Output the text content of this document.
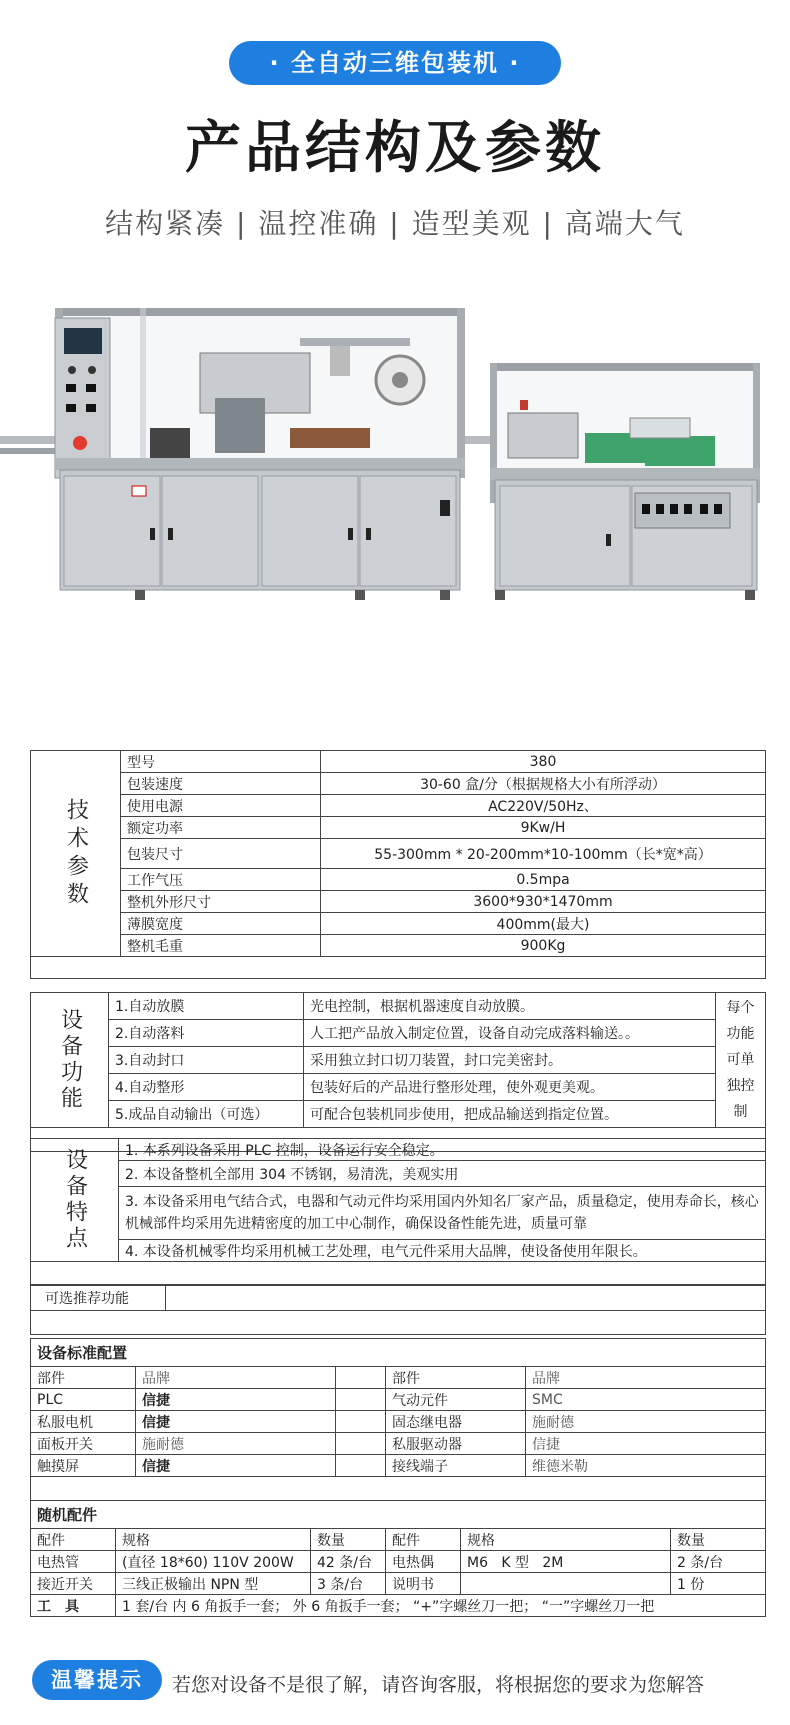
· 全自动三维包装机 ·
产品结构及参数
结构紧凑 | 温控准确 | 造型美观 | 高端大气
技术参数	型号	380
	包装速度	30-60 盒/分（根据规格大小有所浮动）
	使用电源	AC220V/50Hz、
	额定功率	9Kw/H
	包装尺寸	55-300mm * 20-200mm*10-100mm（长*宽*高）
	工作气压	0.5mpa
	整机外形尺寸	3600*930*1470mm
	薄膜宽度	400mm(最大)
	整机毛重	900Kg

设备功能	1.自动放膜	光电控制，根据机器速度自动放膜。	每个功能可单独控制
	2.自动落料	人工把产品放入制定位置，设备自动完成落料输送。。	
	3.自动封口	采用独立封口切刀装置，封口完美密封。	
	4.自动整形	包装好后的产品进行整形处理，使外观更美观。	
	5.成品自动输出（可选）	可配合包装机同步使用，把成品输送到指定位置。	

设备特点	1. 本系列设备采用 PLC 控制，设备运行安全稳定。
2. 本设备整机全部用 304 不锈钢，易清洗，美观实用
3. 本设备采用电气结合式，电器和气动元件均采用国内外知名厂家产品，质量稳定，使用寿命长，核心机械部件均采用先进精密度的加工中心制作，确保设备性能先进，质量可靠
4. 本设备机械零件均采用机械工艺处理，电气元件采用大品牌，使设备使用年限长。

可选推荐功能	

设备标准配置				
部件	品牌		部件	品牌
PLC	信捷		气动元件	SMC
私服电机	信捷		固态继电器	施耐德
面板开关	施耐德		私服驱动器	信捷
触摸屏	信捷		接线端子	维德米勒

随机配件					
配件	规格	数量	配件	规格	数量
电热管	(直径 18*60) 110V 200W	42 条/台	电热偶	M6   K 型   2M	2 条/台
接近开关	三线正极输出 NPN 型	3 条/台	说明书		1 份
工　具	1 套/台 内 6 角扳手一套； 外 6 角扳手一套； “+”字螺丝刀一把； “一”字螺丝刀一把				
温馨提示	若您对设备不是很了解，请咨询客服，将根据您的要求为您解答
